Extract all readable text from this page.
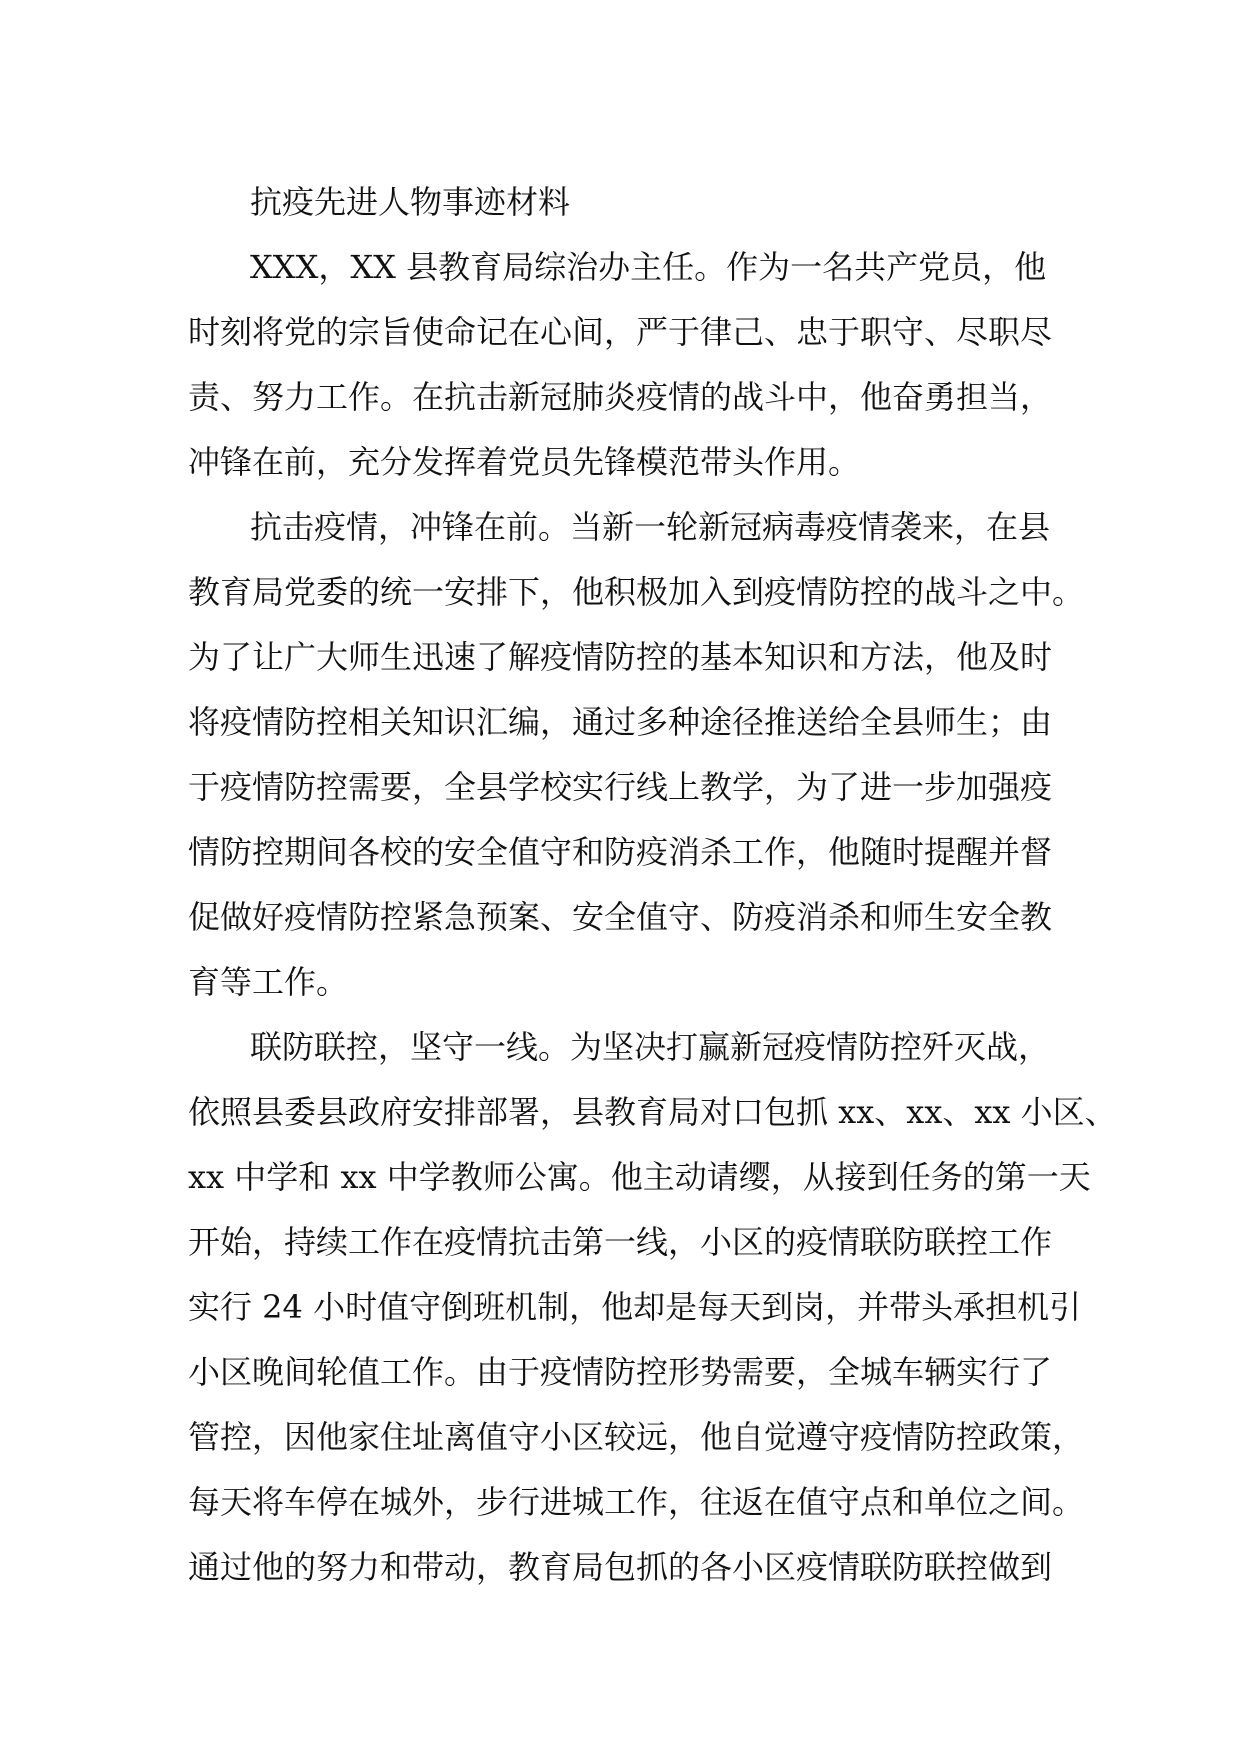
抗疫先进人物事迹材料
XXX，XX 县教育局综治办主任。作为一名共产党员，他
时刻将党的宗旨使命记在心间，严于律己、忠于职守、尽职尽
责、努力工作。在抗击新冠肺炎疫情的战斗中，他奋勇担当，
冲锋在前，充分发挥着党员先锋模范带头作用。
抗击疫情，冲锋在前。当新一轮新冠病毒疫情袭来，在县
教育局党委的统一安排下，他积极加入到疫情防控的战斗之中。
为了让广大师生迅速了解疫情防控的基本知识和方法，他及时
将疫情防控相关知识汇编，通过多种途径推送给全县师生；由
于疫情防控需要，全县学校实行线上教学，为了进一步加强疫
情防控期间各校的安全值守和防疫消杀工作，他随时提醒并督
促做好疫情防控紧急预案、安全值守、防疫消杀和师生安全教
育等工作。
联防联控，坚守一线。为坚决打赢新冠疫情防控歼灭战，
依照县委县政府安排部署，县教育局对口包抓 xx、xx、xx 小区、
xx 中学和 xx 中学教师公寓。他主动请缨，从接到任务的第一天
开始，持续工作在疫情抗击第一线，小区的疫情联防联控工作
实行 24 小时值守倒班机制，他却是每天到岗，并带头承担机引
小区晚间轮值工作。由于疫情防控形势需要，全城车辆实行了
管控，因他家住址离值守小区较远，他自觉遵守疫情防控政策，
每天将车停在城外，步行进城工作，往返在值守点和单位之间。
通过他的努力和带动，教育局包抓的各小区疫情联防联控做到
